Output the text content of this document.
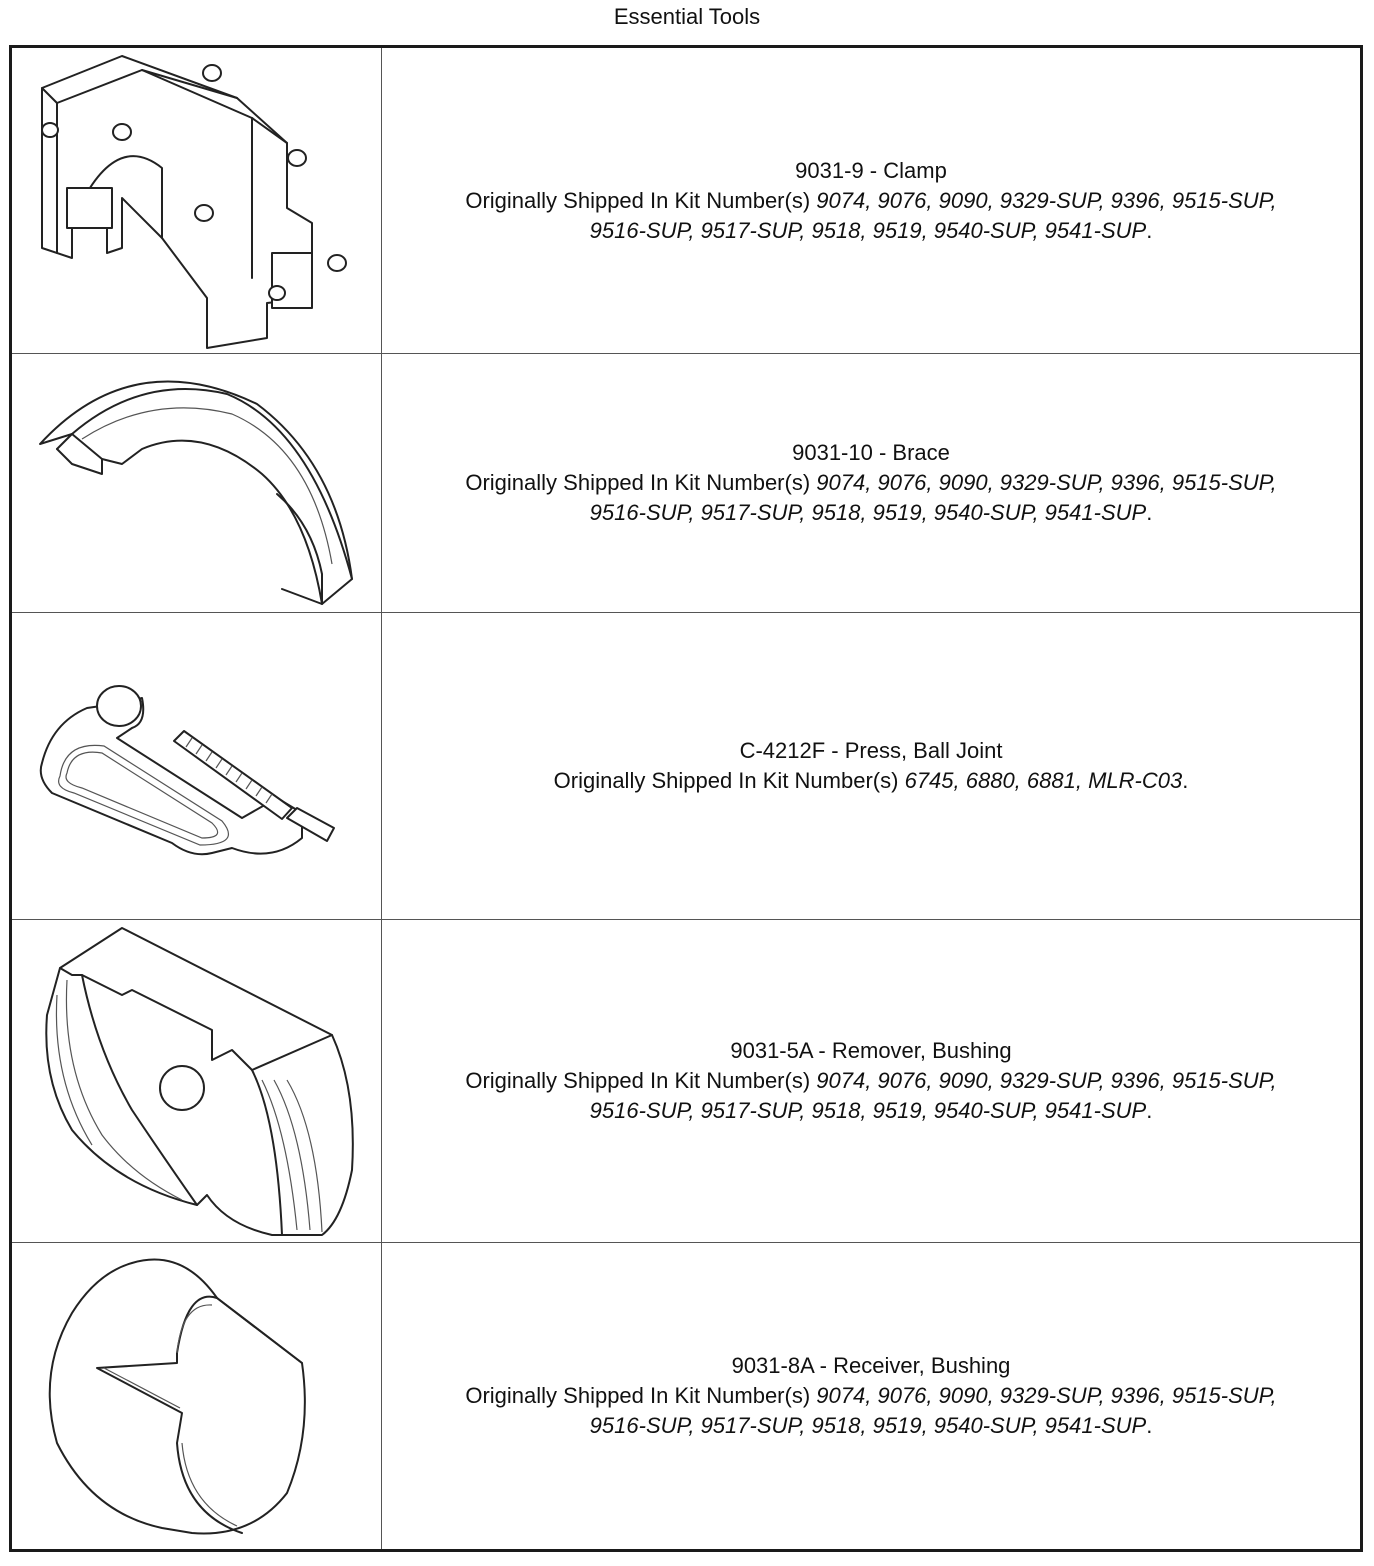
Essential Tools
9031-9 - Clamp
Originally Shipped In Kit Number(s) 9074, 9076, 9090, 9329-SUP, 9396, 9515-SUP,
9516-SUP, 9517-SUP, 9518, 9519, 9540-SUP, 9541-SUP.
9031-10 - Brace
Originally Shipped In Kit Number(s) 9074, 9076, 9090, 9329-SUP, 9396, 9515-SUP,
9516-SUP, 9517-SUP, 9518, 9519, 9540-SUP, 9541-SUP.
C-4212F - Press, Ball Joint
Originally Shipped In Kit Number(s) 6745, 6880, 6881, MLR-C03.
9031-5A - Remover, Bushing
Originally Shipped In Kit Number(s) 9074, 9076, 9090, 9329-SUP, 9396, 9515-SUP,
9516-SUP, 9517-SUP, 9518, 9519, 9540-SUP, 9541-SUP.
9031-8A - Receiver, Bushing
Originally Shipped In Kit Number(s) 9074, 9076, 9090, 9329-SUP, 9396, 9515-SUP,
9516-SUP, 9517-SUP, 9518, 9519, 9540-SUP, 9541-SUP.
